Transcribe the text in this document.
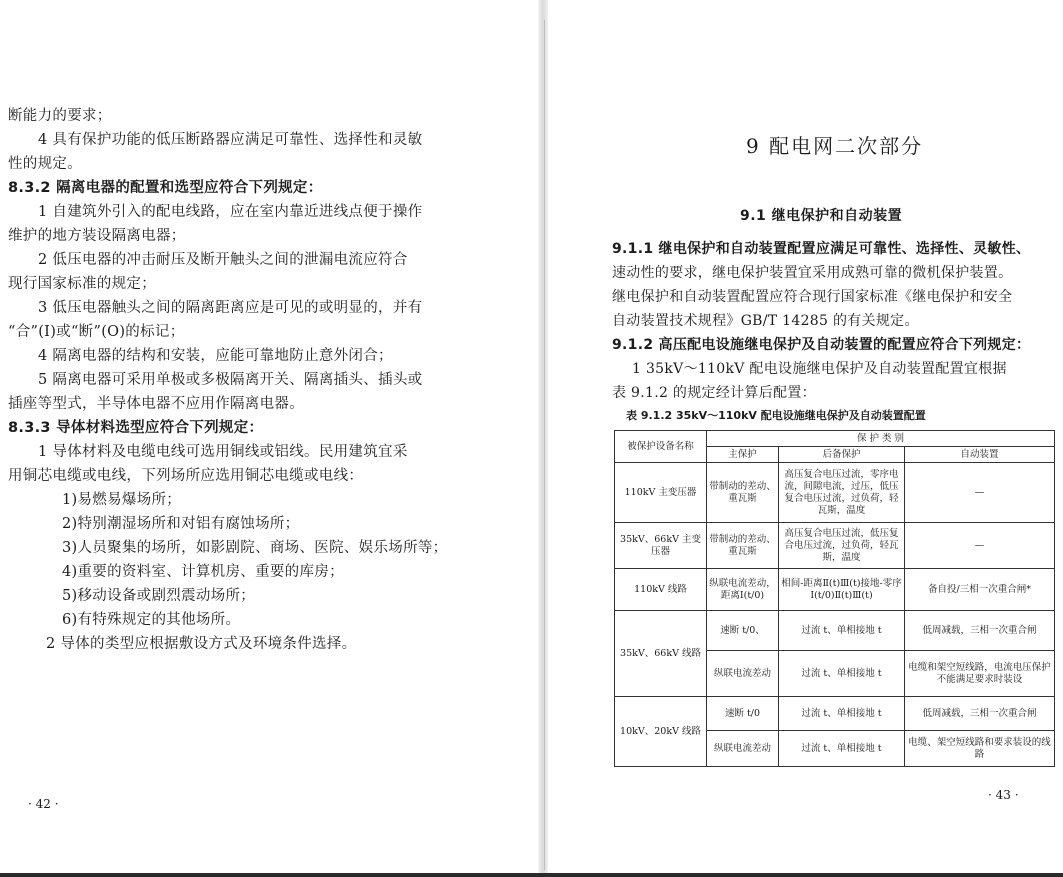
断能力的要求；
4 具有保护功能的低压断路器应满足可靠性、选择性和灵敏
性的规定。
8.3.2 隔离电器的配置和选型应符合下列规定：
1 自建筑外引入的配电线路，应在室内靠近进线点便于操作
维护的地方装设隔离电器；
2 低压电器的冲击耐压及断开触头之间的泄漏电流应符合
现行国家标准的规定；
3 低压电器触头之间的隔离距离应是可见的或明显的，并有
“合”(I)或“断”(O)的标记；
4 隔离电器的结构和安装，应能可靠地防止意外闭合；
5 隔离电器可采用单极或多极隔离开关、隔离插头、插头或
插座等型式，半导体电器不应用作隔离电器。
8.3.3 导体材料选型应符合下列规定：
1 导体材料及电缆电线可选用铜线或铝线。民用建筑宜采
用铜芯电缆或电线，下列场所应选用铜芯电缆或电线：
1)易燃易爆场所；
2)特别潮湿场所和对铝有腐蚀场所；
3)人员聚集的场所，如影剧院、商场、医院、娱乐场所等；
4)重要的资料室、计算机房、重要的库房；
5)移动设备或剧烈震动场所；
6)有特殊规定的其他场所。
2 导体的类型应根据敷设方式及环境条件选择。
· 42 ·
9 配电网二次部分
9.1 继电保护和自动装置
9.1.1 继电保护和自动装置配置应满足可靠性、选择性、灵敏性、
速动性的要求，继电保护装置宜采用成熟可靠的微机保护装置。
继电保护和自动装置配置应符合现行国家标准《继电保护和安全
自动装置技术规程》GB/T 14285 的有关规定。
9.1.2 高压配电设施继电保护及自动装置的配置应符合下列规定：
1 35kV～110kV 配电设施继电保护及自动装置配置宜根据
表 9.1.2 的规定经计算后配置：
表 9.1.2 35kV～110kV 配电设施继电保护及自动装置配置
被保护设备名称	保 护 类 别		
	主保护	后备保护	自动装置
110kV 主变压器	带制动的差动、重瓦斯	高压复合电压过流，零序电流，间隙电流，过压，低压复合电压过流，过负荷，轻瓦斯，温度	—
35kV、66kV 主变压器	带制动的差动、重瓦斯	高压复合电压过流，低压复合电压过流，过负荷，轻瓦斯，温度	—
110kV 线路	纵联电流差动，距离Ⅰ(t/0)	相间-距离Ⅱ(t)Ⅲ(t)接地-零序Ⅰ(t/0)Ⅱ(t)Ⅲ(t)	备自投/三相一次重合闸*
35kV、66kV 线路	速断 t/0、	过流 t、单相接地 t	低周减载，三相一次重合闸
	纵联电流差动	过流 t、单相接地 t	电缆和架空短线路，电流电压保护不能满足要求时装设
10kV、20kV 线路	速断 t/0	过流 t、单相接地 t	低周减载，三相一次重合闸
	纵联电流差动	过流 t、单相接地 t	电缆、架空短线路和要求装设的线路
· 43 ·
